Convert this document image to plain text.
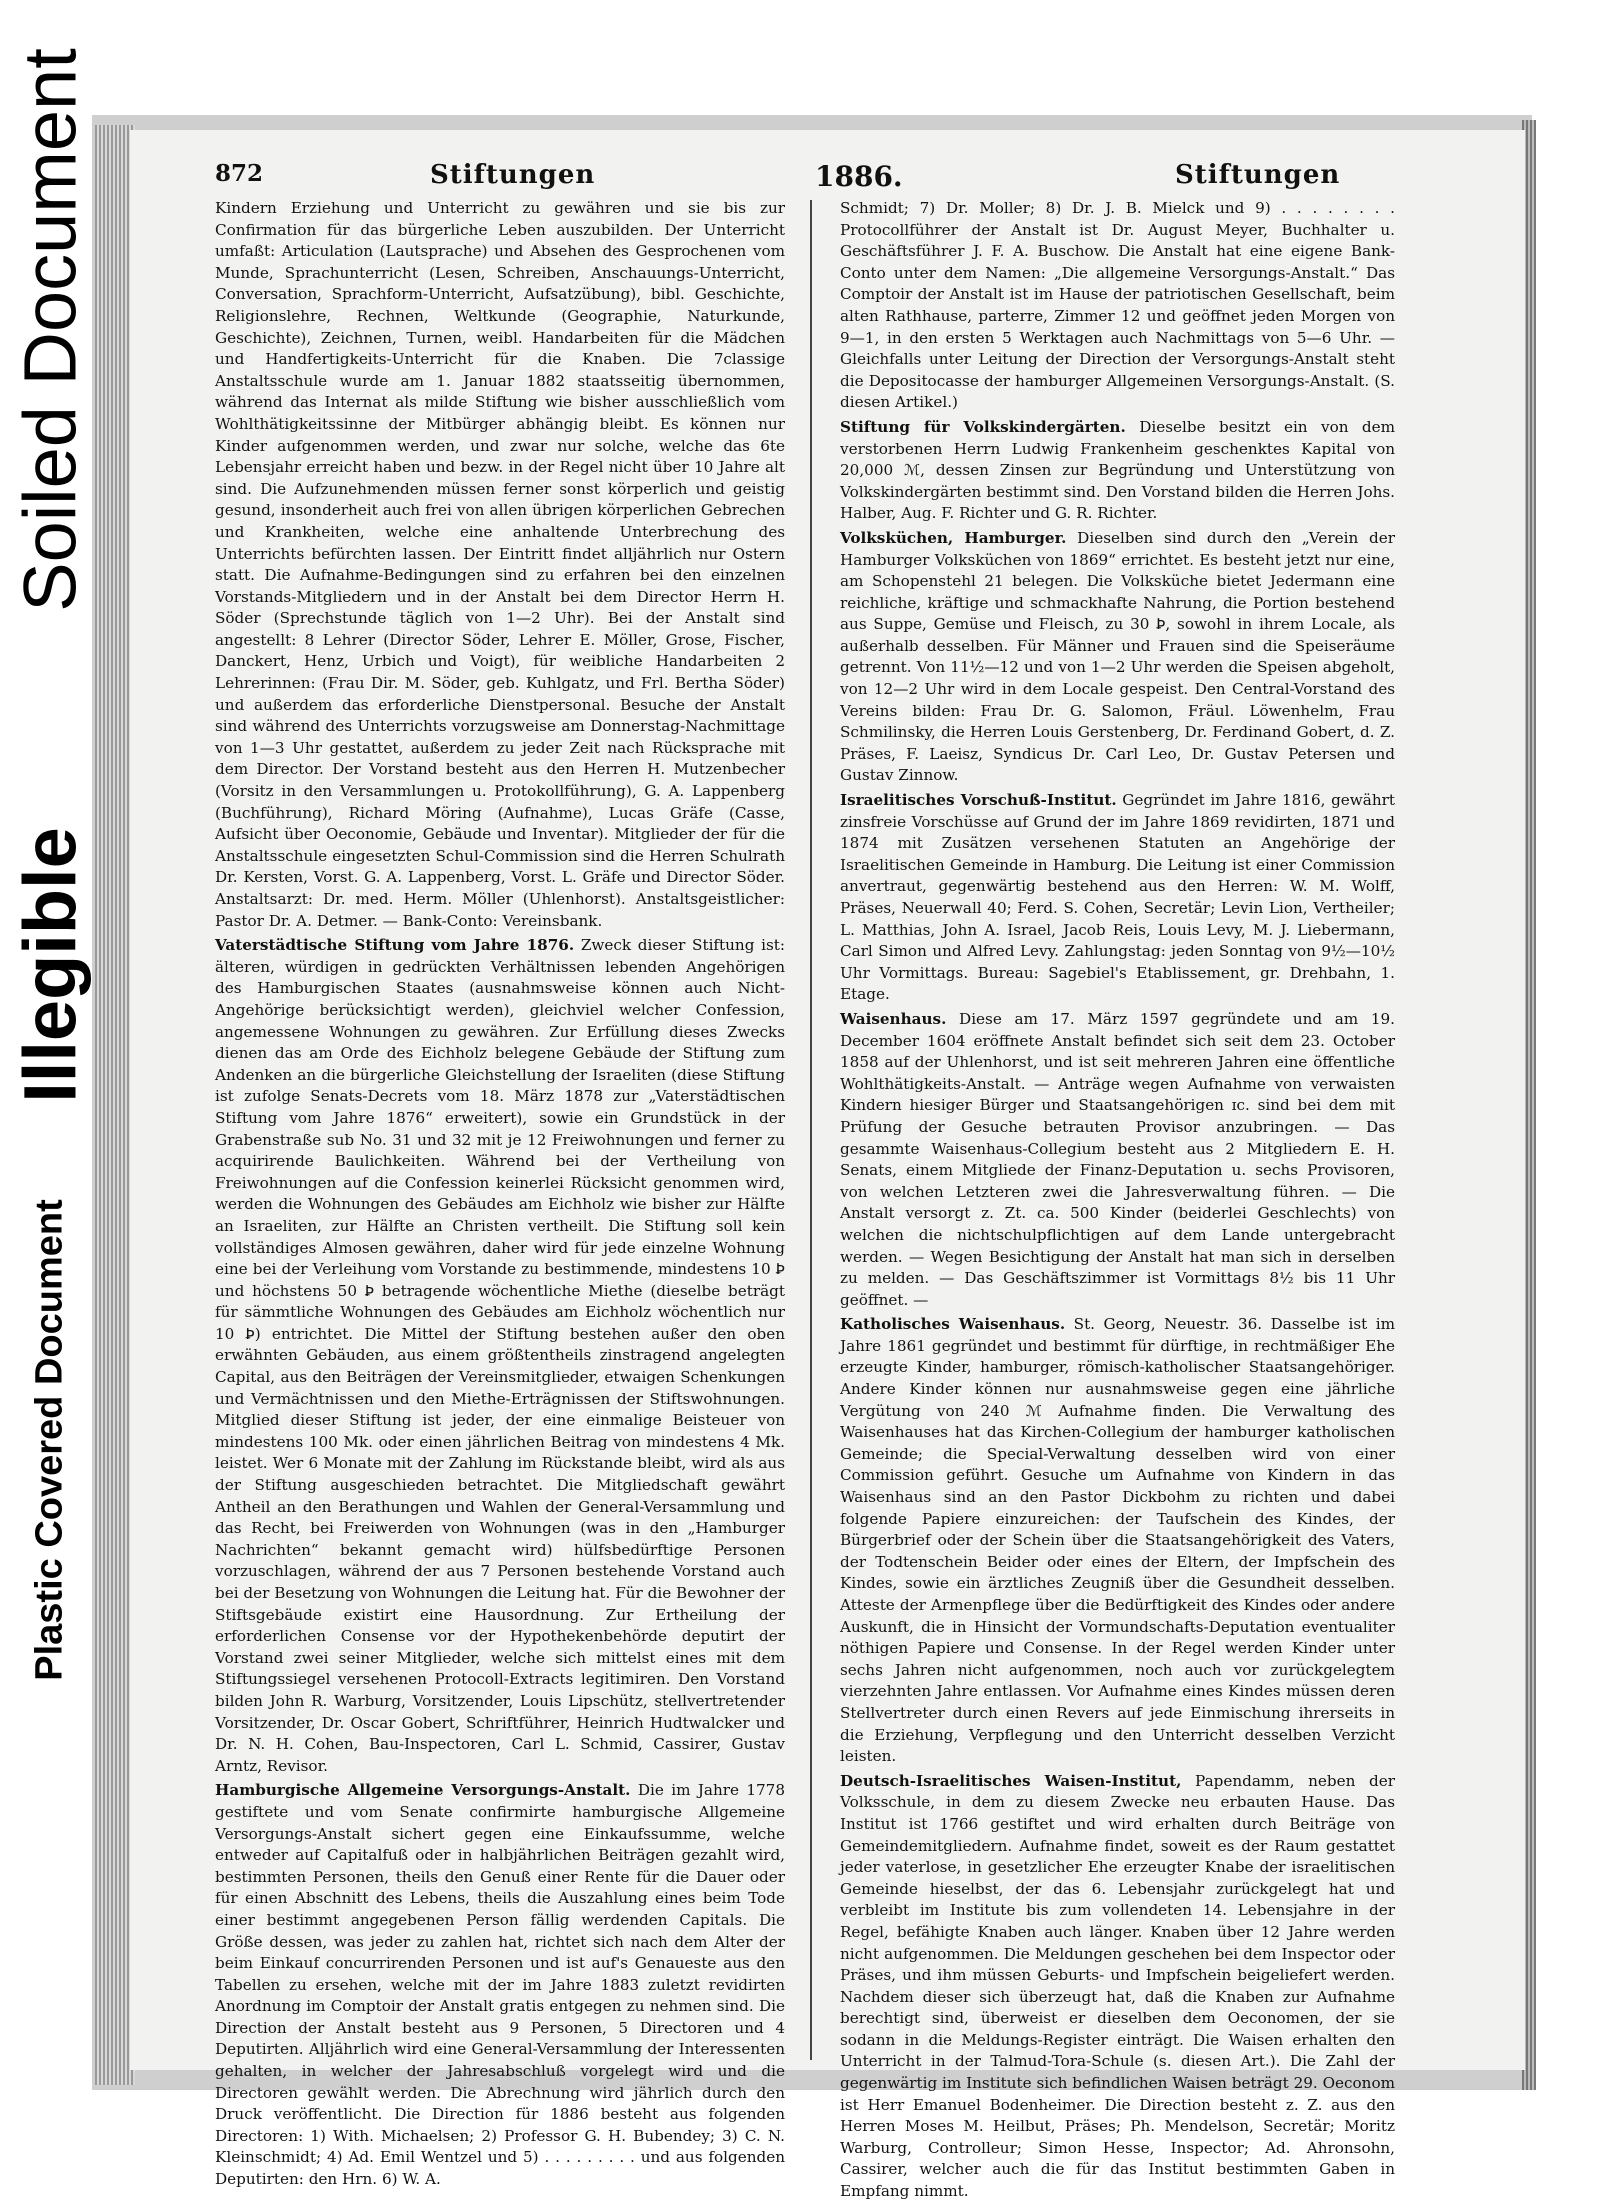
Soiled Document
Illegible
Plastic Covered Document
872	Stiftungen	1886.	Stiftungen

Kindern Erziehung und Unterricht zu gewähren und sie bis zur Confirmation für das bürgerliche Leben auszubilden. Der Unterricht umfaßt: Articulation (Lautsprache) und Absehen des Gesprochenen vom Munde, Sprachunterricht (Lesen, Schreiben, Anschauungs-Unterricht, Conversation, Sprachform-Unterricht, Aufsatzübung), bibl. Geschichte, Religionslehre, Rechnen, Weltkunde (Geographie, Naturkunde, Geschichte), Zeichnen, Turnen, weibl. Handarbeiten für die Mädchen und Handfertigkeits-Unterricht für die Knaben. Die 7classige Anstaltsschule wurde am 1. Januar 1882 staatsseitig übernommen, während das Internat als milde Stiftung wie bisher ausschließlich vom Wohlthätigkeitssinne der Mitbürger abhängig bleibt. Es können nur Kinder aufgenommen werden, und zwar nur solche, welche das 6te Lebensjahr erreicht haben und bezw. in der Regel nicht über 10 Jahre alt sind. Die Aufzunehmenden müssen ferner sonst körperlich und geistig gesund, insonderheit auch frei von allen übrigen körperlichen Gebrechen und Krankheiten, welche eine anhaltende Unterbrechung des Unterrichts befürchten lassen. Der Eintritt findet alljährlich nur Ostern statt. Die Aufnahme-Bedingungen sind zu erfahren bei den einzelnen Vorstands-Mitgliedern und in der Anstalt bei dem Director Herrn H. Söder (Sprechstunde täglich von 1—2 Uhr). Bei der Anstalt sind angestellt: 8 Lehrer (Director Söder, Lehrer E. Möller, Grose, Fischer, Danckert, Henz, Urbich und Voigt), für weibliche Handarbeiten 2 Lehrerinnen: (Frau Dir. M. Söder, geb. Kuhlgatz, und Frl. Bertha Söder) und außerdem das erforderliche Dienstpersonal. Besuche der Anstalt sind während des Unterrichts vorzugsweise am Donnerstag-Nachmittage von 1—3 Uhr gestattet, außerdem zu jeder Zeit nach Rücksprache mit dem Director. Der Vorstand besteht aus den Herren H. Mutzenbecher (Vorsitz in den Versammlungen u. Protokollführung), G. A. Lappenberg (Buchführung), Richard Möring (Aufnahme), Lucas Gräfe (Casse, Aufsicht über Oeconomie, Gebäude und Inventar). Mitglieder der für die Anstaltsschule eingesetzten Schul-Commission sind die Herren Schulrath Dr. Kersten, Vorst. G. A. Lappenberg, Vorst. L. Gräfe und Director Söder. Anstaltsarzt: Dr. med. Herm. Möller (Uhlenhorst). Anstaltsgeistlicher: Pastor Dr. A. Detmer. — Bank-Conto: Vereinsbank.

Vaterstädtische Stiftung vom Jahre 1876. Zweck dieser Stiftung ist: älteren, würdigen in gedrückten Verhältnissen lebenden Angehörigen des Hamburgischen Staates (ausnahmsweise können auch Nicht-Angehörige berücksichtigt werden), gleichviel welcher Confession, angemessene Wohnungen zu gewähren. Zur Erfüllung dieses Zwecks dienen das am Orde des Eichholz belegene Gebäude der Stiftung zum Andenken an die bürgerliche Gleichstellung der Israeliten (diese Stiftung ist zufolge Senats-Decrets vom 18. März 1878 zur „Vaterstädtischen Stiftung vom Jahre 1876“ erweitert), sowie ein Grundstück in der Grabenstraße sub No. 31 und 32 mit je 12 Freiwohnungen und ferner zu acquirirende Baulichkeiten. Während bei der Vertheilung von Freiwohnungen auf die Confession keinerlei Rücksicht genommen wird, werden die Wohnungen des Gebäudes am Eichholz wie bisher zur Hälfte an Israeliten, zur Hälfte an Christen vertheilt. Die Stiftung soll kein vollständiges Almosen gewähren, daher wird für jede einzelne Wohnung eine bei der Verleihung vom Vorstande zu bestimmende, mindestens 10 Ꝧ und höchstens 50 Ꝧ betragende wöchentliche Miethe (dieselbe beträgt für sämmtliche Wohnungen des Gebäudes am Eichholz wöchentlich nur 10 Ꝧ) entrichtet. Die Mittel der Stiftung bestehen außer den oben erwähnten Gebäuden, aus einem größtentheils zinstragend angelegten Capital, aus den Beiträgen der Vereinsmitglieder, etwaigen Schenkungen und Vermächtnissen und den Miethe-Erträgnissen der Stiftswohnungen. Mitglied dieser Stiftung ist jeder, der eine einmalige Beisteuer von mindestens 100 Mk. oder einen jährlichen Beitrag von mindestens 4 Mk. leistet. Wer 6 Monate mit der Zahlung im Rückstande bleibt, wird als aus der Stiftung ausgeschieden betrachtet. Die Mitgliedschaft gewährt Antheil an den Berathungen und Wahlen der General-Versammlung und das Recht, bei Freiwerden von Wohnungen (was in den „Hamburger Nachrichten“ bekannt gemacht wird) hülfsbedürftige Personen vorzuschlagen, während der aus 7 Personen bestehende Vorstand auch bei der Besetzung von Wohnungen die Leitung hat. Für die Bewohner der Stiftsgebäude existirt eine Hausordnung. Zur Ertheilung der erforderlichen Consense vor der Hypothekenbehörde deputirt der Vorstand zwei seiner Mitglieder, welche sich mittelst eines mit dem Stiftungssiegel versehenen Protocoll-Extracts legitimiren. Den Vorstand bilden John R. Warburg, Vorsitzender, Louis Lipschütz, stellvertretender Vorsitzender, Dr. Oscar Gobert, Schriftführer, Heinrich Hudtwalcker und Dr. N. H. Cohen, Bau-Inspectoren, Carl L. Schmid, Cassirer, Gustav Arntz, Revisor.

Hamburgische Allgemeine Versorgungs-Anstalt. Die im Jahre 1778 gestiftete und vom Senate confirmirte hamburgische Allgemeine Versorgungs-Anstalt sichert gegen eine Einkaufssumme, welche entweder auf Capitalfuß oder in halbjährlichen Beiträgen gezahlt wird, bestimmten Personen, theils den Genuß einer Rente für die Dauer oder für einen Abschnitt des Lebens, theils die Auszahlung eines beim Tode einer bestimmt angegebenen Person fällig werdenden Capitals. Die Größe dessen, was jeder zu zahlen hat, richtet sich nach dem Alter der beim Einkauf concurrirenden Personen und ist auf's Genaueste aus den Tabellen zu ersehen, welche mit der im Jahre 1883 zuletzt revidirten Anordnung im Comptoir der Anstalt gratis entgegen zu nehmen sind. Die Direction der Anstalt besteht aus 9 Personen, 5 Directoren und 4 Deputirten. Alljährlich wird eine General-Versammlung der Interessenten gehalten, in welcher der Jahresabschluß vorgelegt wird und die Directoren gewählt werden. Die Abrechnung wird jährlich durch den Druck veröffentlicht. Die Direction für 1886 besteht aus folgenden Directoren: 1) With. Michaelsen; 2) Professor G. H. Bubendey; 3) C. N. Kleinschmidt; 4) Ad. Emil Wentzel und 5) . . . . . . . . . und aus folgenden Deputirten: den Hrn. 6) W. A.

Schmidt; 7) Dr. Moller; 8) Dr. J. B. Mielck und 9) . . . . . . . . Protocollführer der Anstalt ist Dr. August Meyer, Buchhalter u. Geschäftsführer J. F. A. Buschow. Die Anstalt hat eine eigene Bank-Conto unter dem Namen: „Die allgemeine Versorgungs-Anstalt.“ Das Comptoir der Anstalt ist im Hause der patriotischen Gesellschaft, beim alten Rathhause, parterre, Zimmer 12 und geöffnet jeden Morgen von 9—1, in den ersten 5 Werktagen auch Nachmittags von 5—6 Uhr. — Gleichfalls unter Leitung der Direction der Versorgungs-Anstalt steht die Depositocasse der hamburger Allgemeinen Versorgungs-Anstalt. (S. diesen Artikel.)

Stiftung für Volkskindergärten. Dieselbe besitzt ein von dem verstorbenen Herrn Ludwig Frankenheim geschenktes Kapital von 20,000 ℳ, dessen Zinsen zur Begründung und Unterstützung von Volkskindergärten bestimmt sind. Den Vorstand bilden die Herren Johs. Halber, Aug. F. Richter und G. R. Richter.

Volksküchen, Hamburger. Dieselben sind durch den „Verein der Hamburger Volksküchen von 1869“ errichtet. Es besteht jetzt nur eine, am Schopenstehl 21 belegen. Die Volksküche bietet Jedermann eine reichliche, kräftige und schmackhafte Nahrung, die Portion bestehend aus Suppe, Gemüse und Fleisch, zu 30 Ꝧ, sowohl in ihrem Locale, als außerhalb desselben. Für Männer und Frauen sind die Speiseräume getrennt. Von 11½—12 und von 1—2 Uhr werden die Speisen abgeholt, von 12—2 Uhr wird in dem Locale gespeist. Den Central-Vorstand des Vereins bilden: Frau Dr. G. Salomon, Fräul. Löwenhelm, Frau Schmilinsky, die Herren Louis Gerstenberg, Dr. Ferdinand Gobert, d. Z. Präses, F. Laeisz, Syndicus Dr. Carl Leo, Dr. Gustav Petersen und Gustav Zinnow.

Israelitisches Vorschuß-Institut. Gegründet im Jahre 1816, gewährt zinsfreie Vorschüsse auf Grund der im Jahre 1869 revidirten, 1871 und 1874 mit Zusätzen versehenen Statuten an Angehörige der Israelitischen Gemeinde in Hamburg. Die Leitung ist einer Commission anvertraut, gegenwärtig bestehend aus den Herren: W. M. Wolff, Präses, Neuerwall 40; Ferd. S. Cohen, Secretär; Levin Lion, Vertheiler; L. Matthias, John A. Israel, Jacob Reis, Louis Levy, M. J. Liebermann, Carl Simon und Alfred Levy. Zahlungstag: jeden Sonntag von 9½—10½ Uhr Vormittags. Bureau: Sagebiel's Etablissement, gr. Drehbahn, 1. Etage.

Waisenhaus. Diese am 17. März 1597 gegründete und am 19. December 1604 eröffnete Anstalt befindet sich seit dem 23. October 1858 auf der Uhlenhorst, und ist seit mehreren Jahren eine öffentliche Wohlthätigkeits-Anstalt. — Anträge wegen Aufnahme von verwaisten Kindern hiesiger Bürger und Staatsangehörigen ɪc. sind bei dem mit Prüfung der Gesuche betrauten Provisor anzubringen. — Das gesammte Waisenhaus-Collegium besteht aus 2 Mitgliedern E. H. Senats, einem Mitgliede der Finanz-Deputation u. sechs Provisoren, von welchen Letzteren zwei die Jahresverwaltung führen. — Die Anstalt versorgt z. Zt. ca. 500 Kinder (beiderlei Geschlechts) von welchen die nichtschulpflichtigen auf dem Lande untergebracht werden. — Wegen Besichtigung der Anstalt hat man sich in derselben zu melden. — Das Geschäftszimmer ist Vormittags 8½ bis 11 Uhr geöffnet. —

Katholisches Waisenhaus. St. Georg, Neuestr. 36. Dasselbe ist im Jahre 1861 gegründet und bestimmt für dürftige, in rechtmäßiger Ehe erzeugte Kinder, hamburger, römisch-katholischer Staatsangehöriger. Andere Kinder können nur ausnahmsweise gegen eine jährliche Vergütung von 240 ℳ Aufnahme finden. Die Verwaltung des Waisenhauses hat das Kirchen-Collegium der hamburger katholischen Gemeinde; die Special-Verwaltung desselben wird von einer Commission geführt. Gesuche um Aufnahme von Kindern in das Waisenhaus sind an den Pastor Dickbohm zu richten und dabei folgende Papiere einzureichen: der Taufschein des Kindes, der Bürgerbrief oder der Schein über die Staatsangehörigkeit des Vaters, der Todtenschein Beider oder eines der Eltern, der Impfschein des Kindes, sowie ein ärztliches Zeugniß über die Gesundheit desselben. Atteste der Armenpflege über die Bedürftigkeit des Kindes oder andere Auskunft, die in Hinsicht der Vormundschafts-Deputation eventualiter nöthigen Papiere und Consense. In der Regel werden Kinder unter sechs Jahren nicht aufgenommen, noch auch vor zurückgelegtem vierzehnten Jahre entlassen. Vor Aufnahme eines Kindes müssen deren Stellvertreter durch einen Revers auf jede Einmischung ihrerseits in die Erziehung, Verpflegung und den Unterricht desselben Verzicht leisten.

Deutsch-Israelitisches Waisen-Institut, Papendamm, neben der Volksschule, in dem zu diesem Zwecke neu erbauten Hause. Das Institut ist 1766 gestiftet und wird erhalten durch Beiträge von Gemeindemitgliedern. Aufnahme findet, soweit es der Raum gestattet jeder vaterlose, in gesetzlicher Ehe erzeugter Knabe der israelitischen Gemeinde hieselbst, der das 6. Lebensjahr zurückgelegt hat und verbleibt im Institute bis zum vollendeten 14. Lebensjahre in der Regel, befähigte Knaben auch länger. Knaben über 12 Jahre werden nicht aufgenommen. Die Meldungen geschehen bei dem Inspector oder Präses, und ihm müssen Geburts- und Impfschein beigeliefert werden. Nachdem dieser sich überzeugt hat, daß die Knaben zur Aufnahme berechtigt sind, überweist er dieselben dem Oeconomen, der sie sodann in die Meldungs-Register einträgt. Die Waisen erhalten den Unterricht in der Talmud-Tora-Schule (s. diesen Art.). Die Zahl der gegenwärtig im Institute sich befindlichen Waisen beträgt 29. Oeconom ist Herr Emanuel Bodenheimer. Die Direction besteht z. Z. aus den Herren Moses M. Heilbut, Präses; Ph. Mendelson, Secretär; Moritz Warburg, Controlleur; Simon Hesse, Inspector; Ad. Ahronsohn, Cassirer, welcher auch die für das Institut bestimmten Gaben in Empfang nimmt.
